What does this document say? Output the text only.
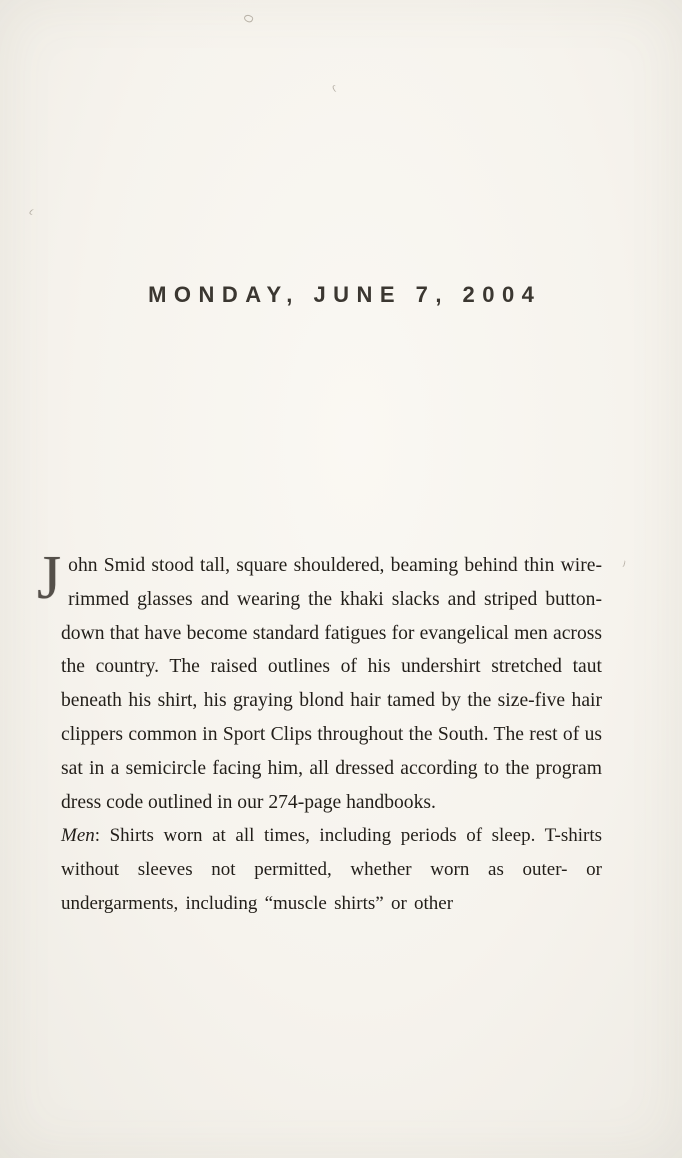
MONDAY, JUNE 7, 2004

John Smid stood tall, square shouldered, beaming behind thin wire-rimmed glasses and wearing the khaki slacks and striped button-down that have become standard fatigues for evangelical men across the country. The raised outlines of his undershirt stretched taut beneath his shirt, his graying blond hair tamed by the size-five hair clippers common in Sport Clips throughout the South. The rest of us sat in a semicircle facing him, all dressed according to the program dress code outlined in our 274-page handbooks.

Men: Shirts worn at all times, including periods of sleep. T-shirts without sleeves not permitted, whether worn as outer- or undergarments, including “muscle shirts” or other
